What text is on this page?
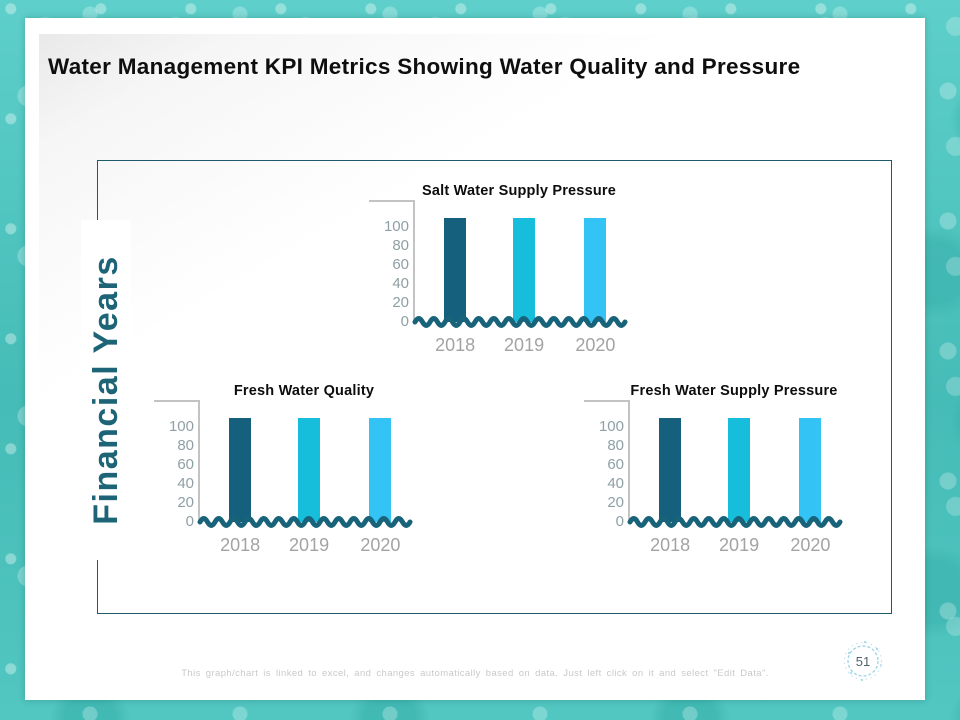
Water Management KPI Metrics Showing Water Quality and Pressure
Financial Years
Salt Water Supply Pressure
2018	2019	2020
0
20
40
60
80
100
Fresh Water Quality
2018	2019	2020
0
20
40
60
80
100
Fresh Water Supply Pressure
2018	2019	2020
0
20
40
60
80
100
This graph/chart is linked to excel, and changes automatically based on data. Just left click on it and select "Edit Data".
51
